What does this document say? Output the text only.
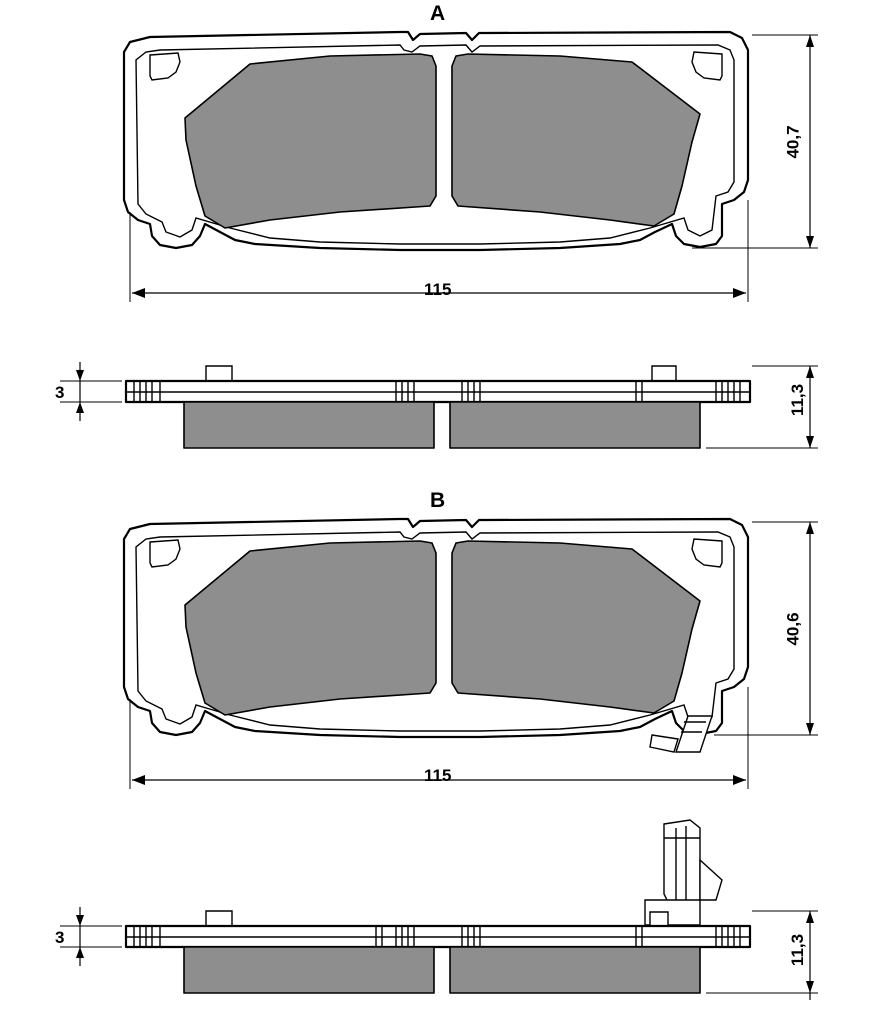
A
40,7
115
3	11,3
B
40,6
115
3	11,3
